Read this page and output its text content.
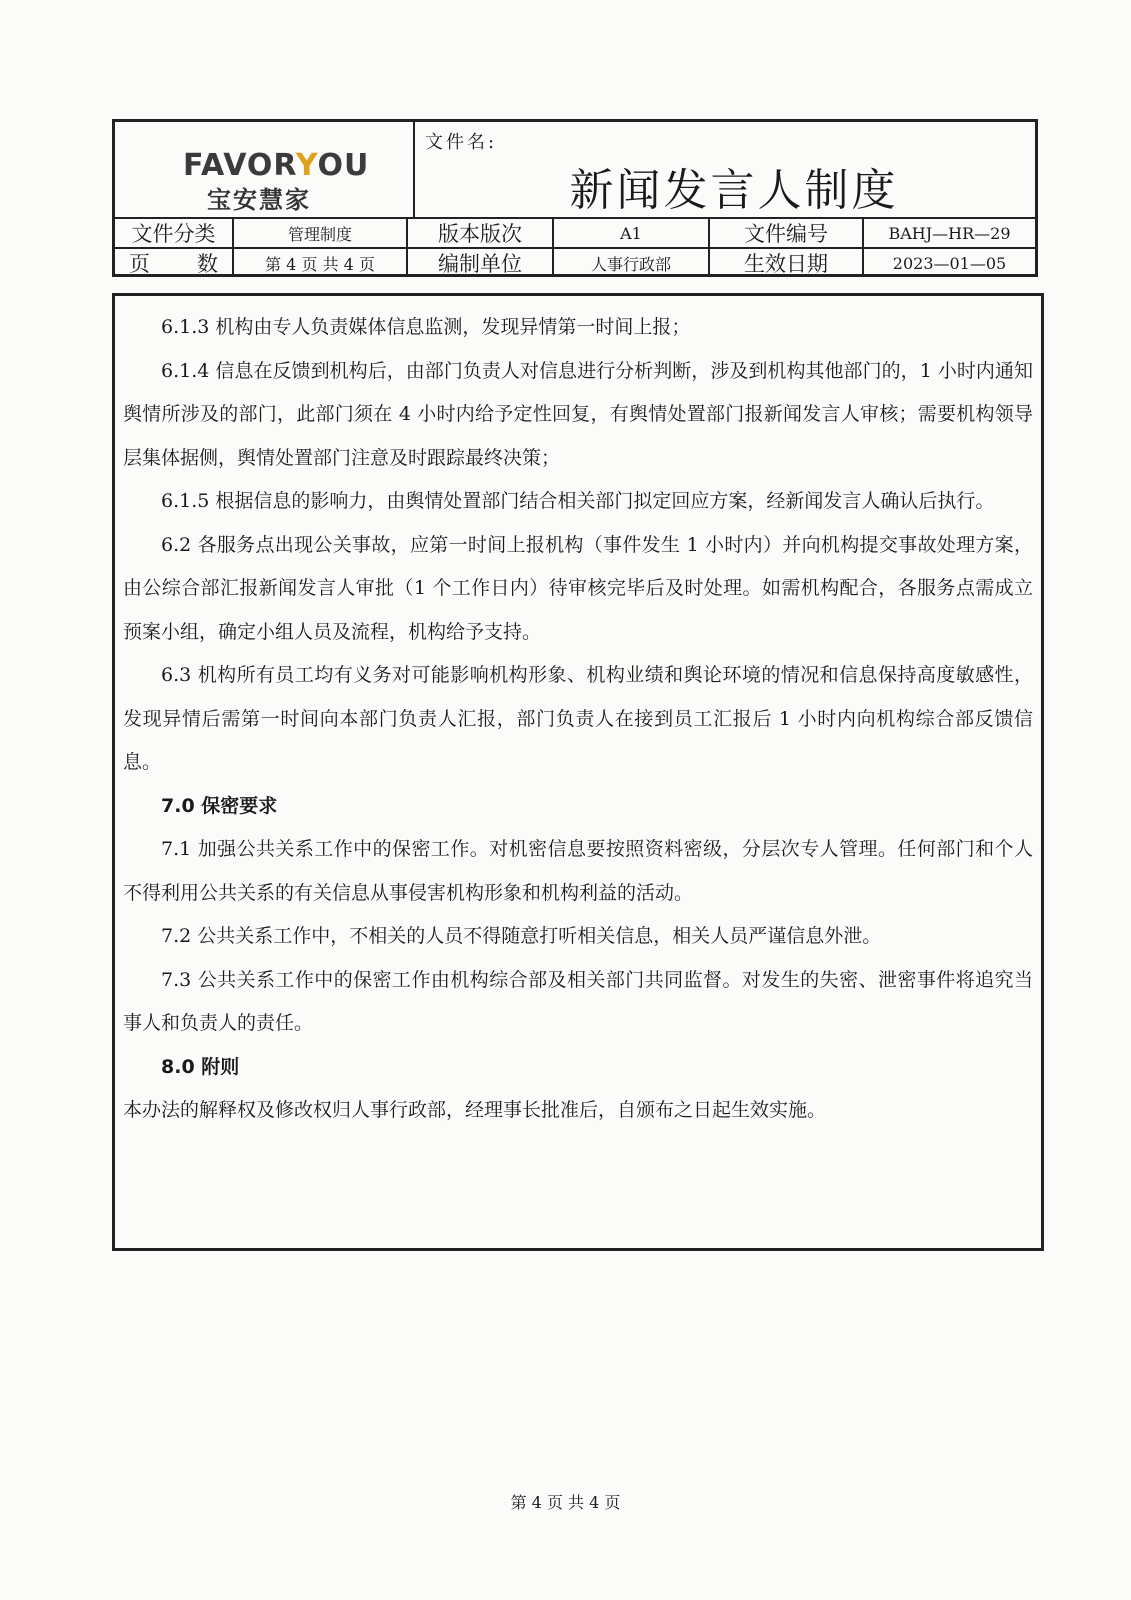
FAVORYOU
宝安慧家
文件名:
新闻发言人制度
文件分类	管理制度	版本版次	A1	文件编号	BAHJ—HR—29
页 数	第 4 页 共 4 页	编制单位	人事行政部	生效日期	2023—01—05

6.1.3 机构由专人负责媒体信息监测，发现异情第一时间上报；

6.1.4 信息在反馈到机构后，由部门负责人对信息进行分析判断，涉及到机构其他部门的，1 小时内通知舆情所涉及的部门，此部门须在 4 小时内给予定性回复，有舆情处置部门报新闻发言人审核；需要机构领导层集体据侧，舆情处置部门注意及时跟踪最终决策；

6.1.5 根据信息的影响力，由舆情处置部门结合相关部门拟定回应方案，经新闻发言人确认后执行。

6.2 各服务点出现公关事故，应第一时间上报机构（事件发生 1 小时内）并向机构提交事故处理方案，由公综合部汇报新闻发言人审批（1 个工作日内）待审核完毕后及时处理。如需机构配合，各服务点需成立预案小组，确定小组人员及流程，机构给予支持。

6.3 机构所有员工均有义务对可能影响机构形象、机构业绩和舆论环境的情况和信息保持高度敏感性，发现异情后需第一时间向本部门负责人汇报，部门负责人在接到员工汇报后 1 小时内向机构综合部反馈信息。

7.0 保密要求

7.1 加强公共关系工作中的保密工作。对机密信息要按照资料密级，分层次专人管理。任何部门和个人不得利用公共关系的有关信息从事侵害机构形象和机构利益的活动。

7.2 公共关系工作中，不相关的人员不得随意打听相关信息，相关人员严谨信息外泄。

7.3 公共关系工作中的保密工作由机构综合部及相关部门共同监督。对发生的失密、泄密事件将追究当事人和负责人的责任。

8.0 附则

本办法的解释权及修改权归人事行政部，经理事长批准后，自颁布之日起生效实施。

第 4 页 共 4 页
